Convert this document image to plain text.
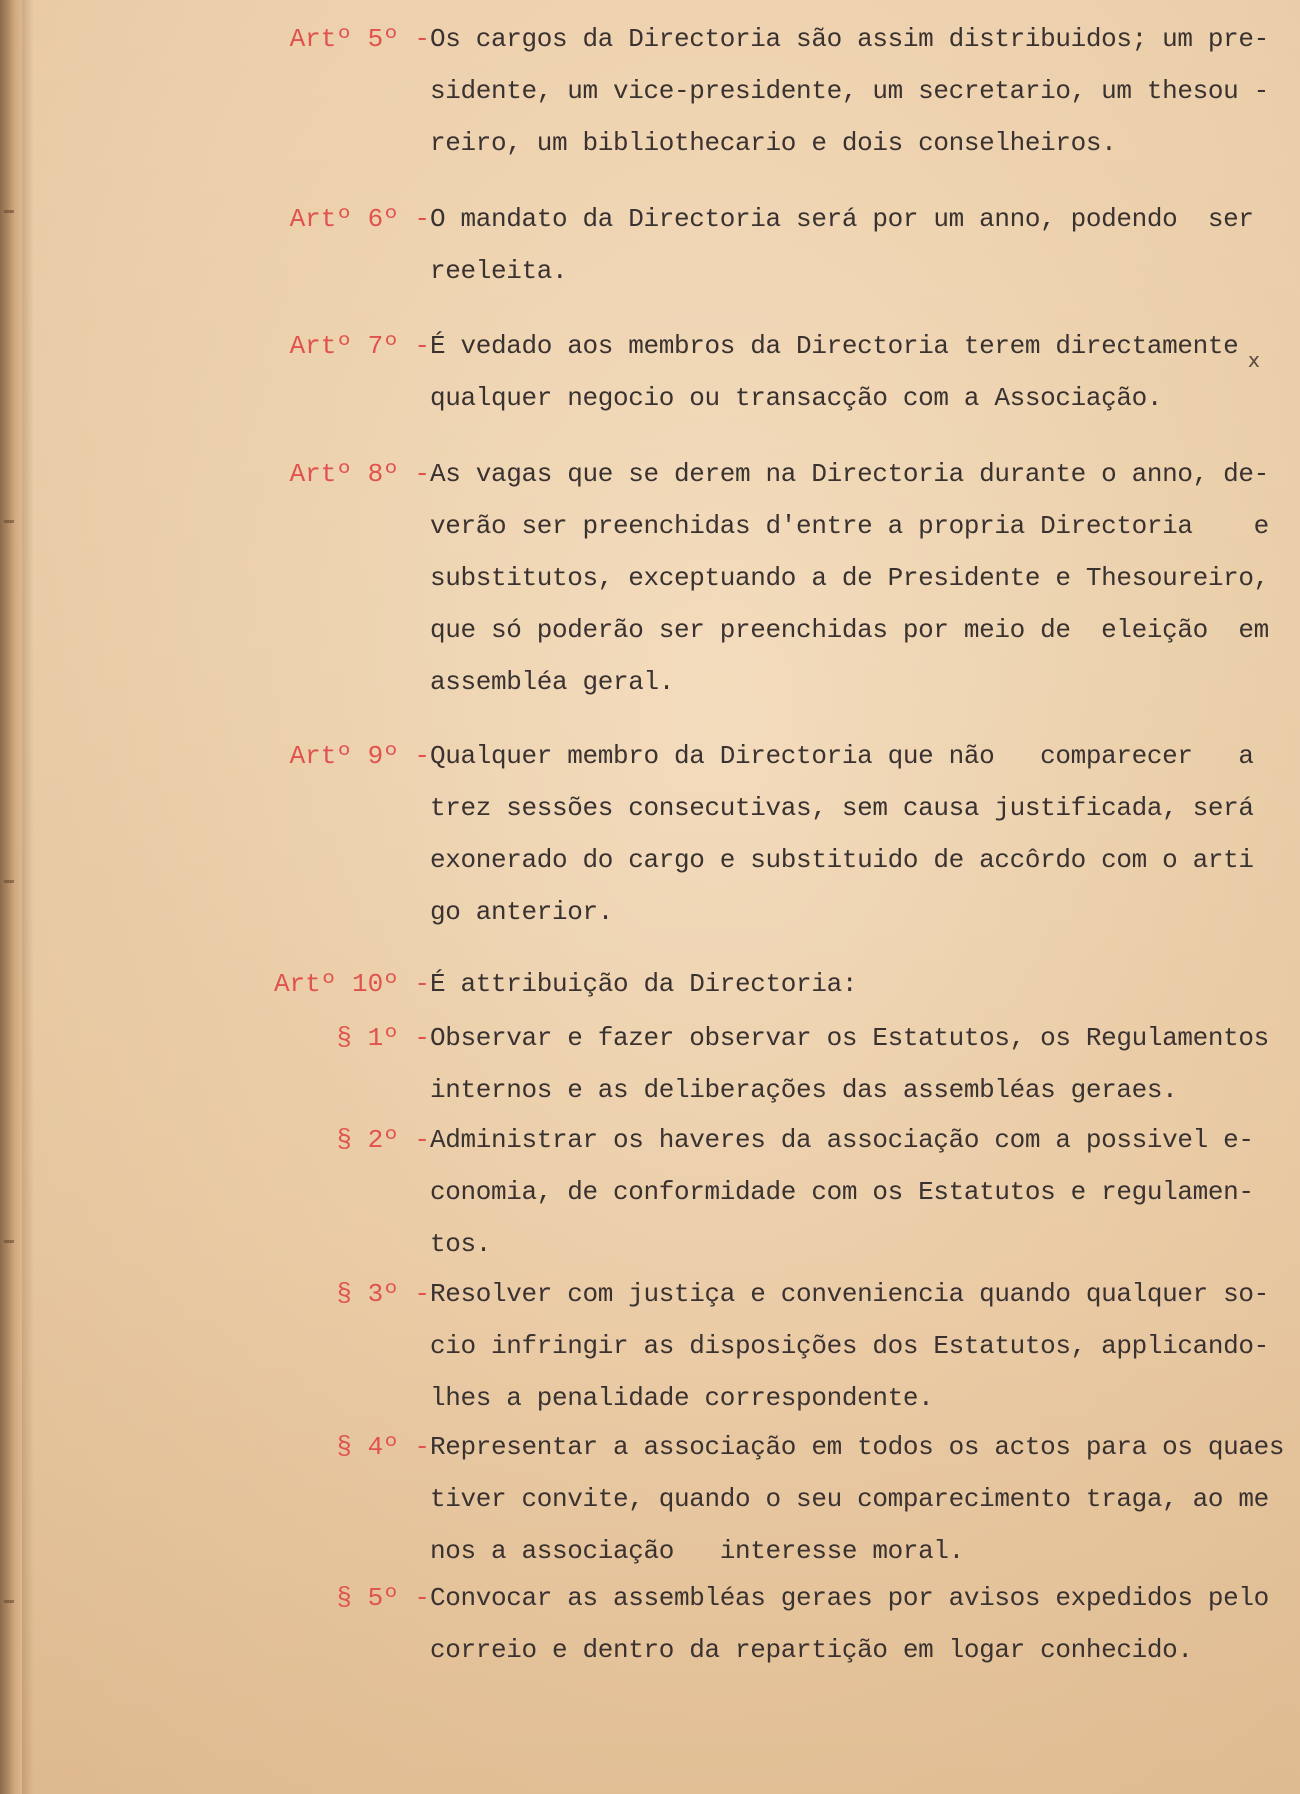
Artº 5º - Os cargos da Directoria são assim distribuidos; um pre-
sidente, um vice-presidente, um secretario, um thesou -
reiro, um bibliothecario e dois conselheiros.
Artº 6º - O mandato da Directoria será por um anno, podendo  ser
reeleita.
Artº 7º - É vedado aos membros da Directoria terem directamente
qualquer negocio ou transacção com a Associação.
x
Artº 8º - As vagas que se derem na Directoria durante o anno, de-
verão ser preenchidas d'entre a propria Directoria    e
substitutos, exceptuando a de Presidente e Thesoureiro,
que só poderão ser preenchidas por meio de  eleição  em
assembléa geral.
Artº 9º - Qualquer membro da Directoria que não   comparecer   a
trez sessões consecutivas, sem causa justificada, será
exonerado do cargo e substituido de accôrdo com o arti
go anterior.
Artº 10º - É attribuição da Directoria:
§ 1º - Observar e fazer observar os Estatutos, os Regulamentos
internos e as deliberações das assembléas geraes.
§ 2º - Administrar os haveres da associação com a possivel e-
conomia, de conformidade com os Estatutos e regulamen-
tos.
§ 3º - Resolver com justiça e conveniencia quando qualquer so-
cio infringir as disposições dos Estatutos, applicando-
lhes a penalidade correspondente.
§ 4º - Representar a associação em todos os actos para os quaes
tiver convite, quando o seu comparecimento traga, ao me
nos a associação   interesse moral.
§ 5º - Convocar as assembléas geraes por avisos expedidos pelo
correio e dentro da repartição em logar conhecido.
